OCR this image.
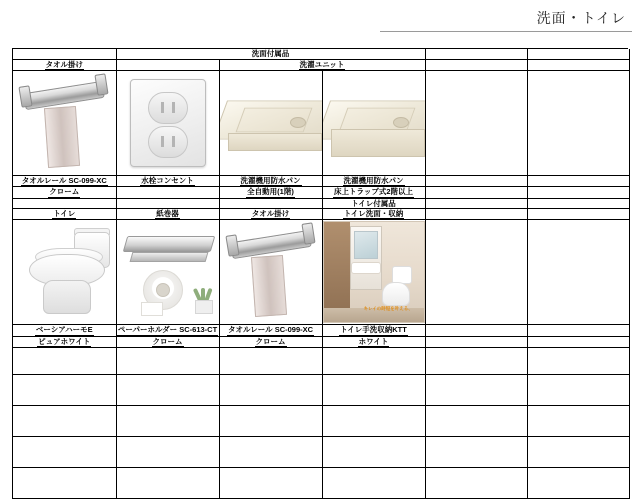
洗面・トイレ
	洗面付属品				
タオル掛け		洗濯ユニット			

タオルレール SC-099-XC	水栓コンセント	洗濯機用防水パン	洗濯機用防水パン		
クローム		全自動用(1階)	床上トラップ式2階以上		
			トイレ付属品		
トイレ	紙巻器	タオル掛け	トイレ洗面・収納		

			キレイの時短を叶える、		

ベーシアハーモE	ペーパーホルダー SC-613-CT	タオルレール SC-099-XC	トイレ手洗収納KTT		
ピュアホワイト	クローム	クローム	ホワイト		
